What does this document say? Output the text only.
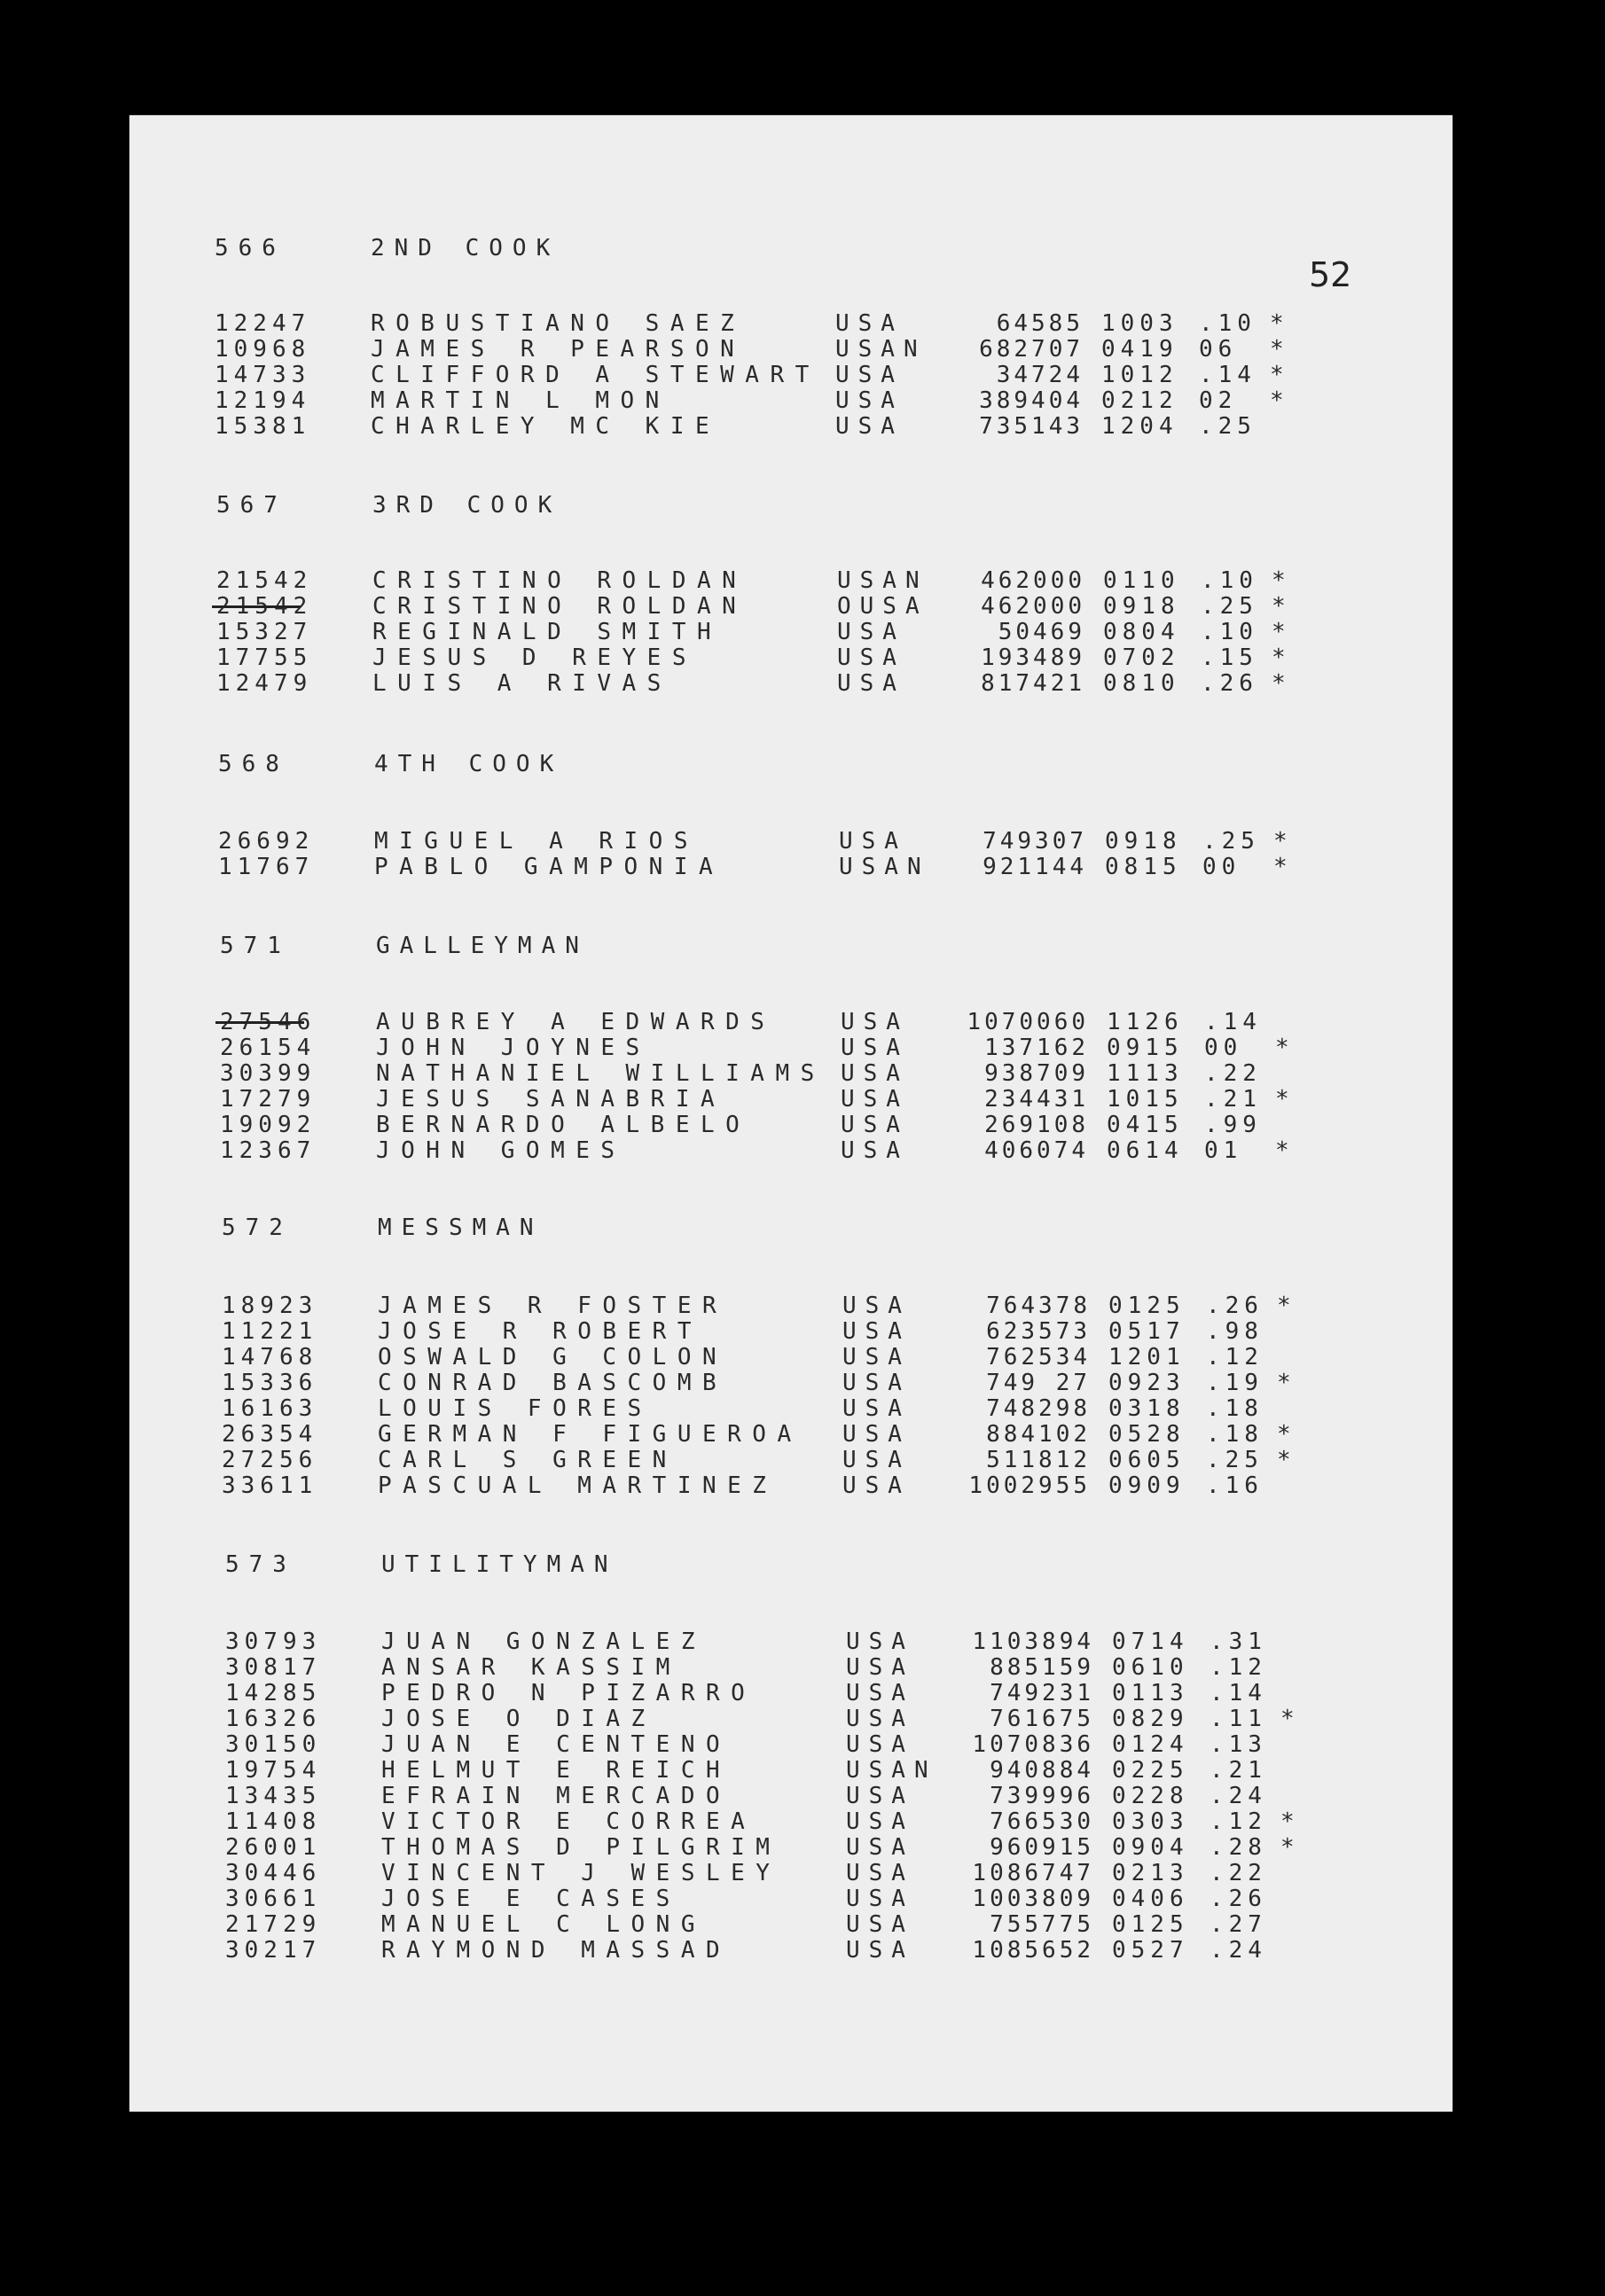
52
566	2ND COOK
12247	ROBUSTIANO SAEZ	USA	64585 1003 .10 *
10968	JAMES R PEARSON	USAN	682707 0419 06 *
14733	CLIFFORD A STEWART USA	34724 1012 .14 *
12194	MARTIN L MON	USA	389404 0212 02 *
15381	CHARLEY MC KIE	USA	735143 1204 .25
567	3RD COOK
21542	CRISTINO ROLDAN	USAN	462000 0110 .10 *
21542	CRISTINO ROLDAN	OUSA	462000 0918 .25 *
15327	REGINALD SMITH	USA	50469 0804 .10 *
17755	JESUS D REYES	USA	193489 0702 .15 *
12479	LUIS A RIVAS	USA	817421 0810 .26 *
568	4TH COOK
26692	MIGUEL A RIOS	USA	749307 0918 .25 *
11767	PABLO GAMPONIA	USAN	921144 0815 00 *
571	GALLEYMAN
27546	AUBREY A EDWARDS	USA	1070060 1126 .14
26154	JOHN JOYNES	USA	137162 0915 00 *
30399	NATHANIEL WILLIAMS USA	938709 1113 .22
17279	JESUS SANABRIA	USA	234431 1015 .21 *
19092	BERNARDO ALBELO	USA	269108 0415 .99
12367	JOHN GOMES	USA	406074 0614 01 *
572	MESSMAN
18923	JAMES R FOSTER	USA	764378 0125 .26 *
11221	JOSE R ROBERT	USA	623573 0517 .98
14768	OSWALD G COLON	USA	762534 1201 .12
15336	CONRAD BASCOMB	USA	749 27 0923 .19 *
16163	LOUIS FORES	USA	748298 0318 .18
26354	GERMAN F FIGUEROA USA	884102 0528 .18 *
27256	CARL S GREEN	USA	511812 0605 .25 *
33611	PASCUAL MARTINEZ	USA	1002955 0909 .16
573	UTILITYMAN
30793	JUAN GONZALEZ	USA	1103894 0714 .31
30817	ANSAR KASSIM	USA	885159 0610 .12
14285	PEDRO N PIZARRO	USA	749231 0113 .14
16326	JOSE O DIAZ	USA	761675 0829 .11 *
30150	JUAN E CENTENO	USA	1070836 0124 .13
19754	HELMUT E REICH	USAN	940884 0225 .21
13435	EFRAIN MERCADO	USA	739996 0228 .24
11408	VICTOR E CORREA	USA	766530 0303 .12 *
26001	THOMAS D PILGRIM	USA	960915 0904 .28 *
30446	VINCENT J WESLEY	USA	1086747 0213 .22
30661	JOSE E CASES	USA	1003809 0406 .26
21729	MANUEL C LONG	USA	755775 0125 .27
30217	RAYMOND MASSAD	USA	1085652 0527 .24
